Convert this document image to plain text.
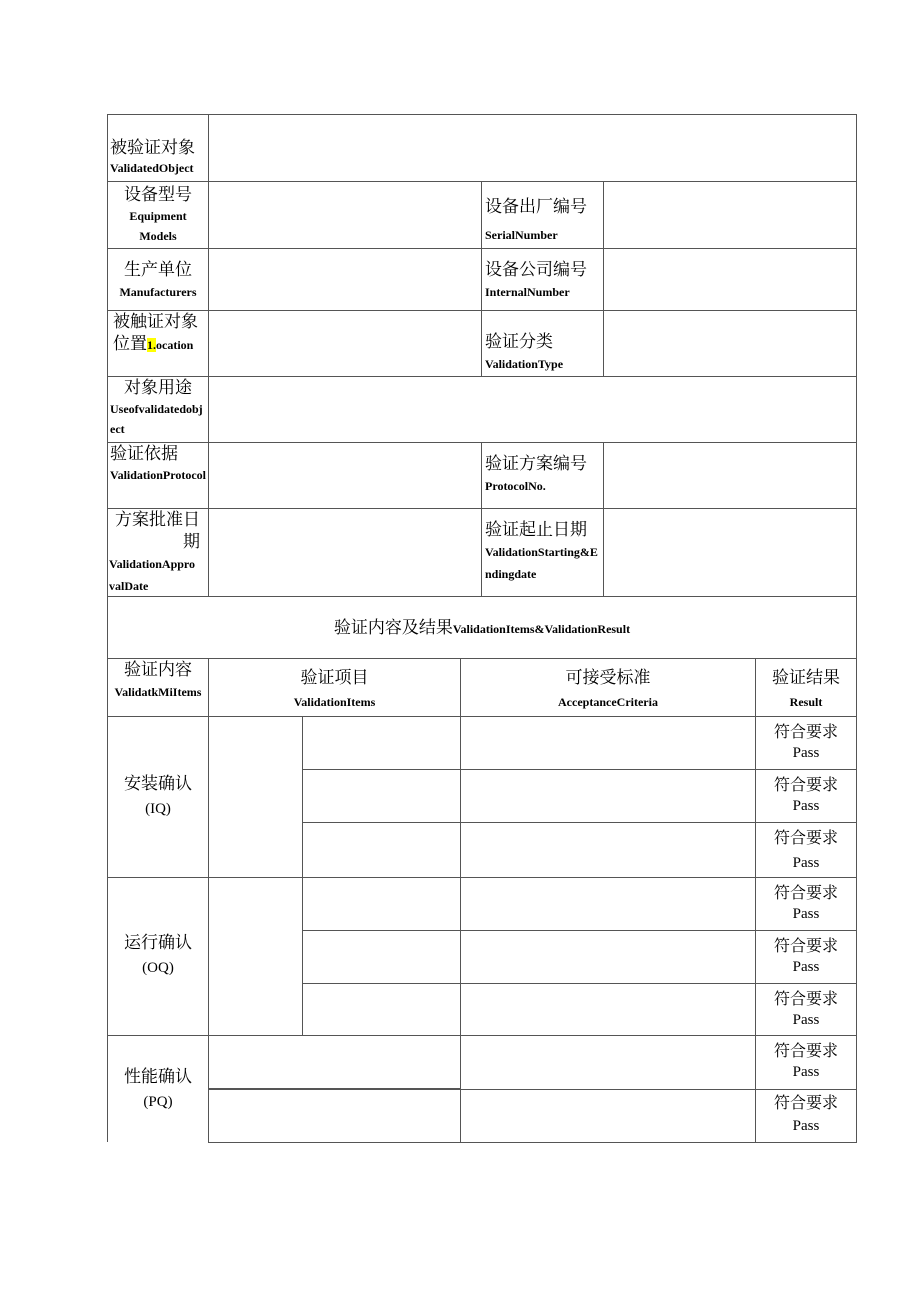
被验证对象
ValidatedObject
设备型号
Equipment Models
设备出厂编号
SerialNumber
生产单位
Manufacturers
设备公司编号
InternalNumber
被触证对象位置1.ocation	验证分类
ValidationType
对象用途
Useofvalidatedobject
验证依据
ValidationProtocol
验证方案编号
ProtocolNo.
方案批准日期
ValidationApprovalDate
验证起止日期
ValidationStarting&Endingdate
验证内容及结果ValidationItems&ValidationResult
验证内容
ValidatkMiItems
验证项目
ValidationItems
可接受标准
AcceptanceCriteria
验证结果
Result
安装确认
(IQ)
符合要求
Pass
符合要求
Pass
符合要求
Pass
运行确认
(OQ)
符合要求
Pass
符合要求
Pass
符合要求
Pass
性能确认
(PQ)
符合要求
Pass
符合要求
Pass
